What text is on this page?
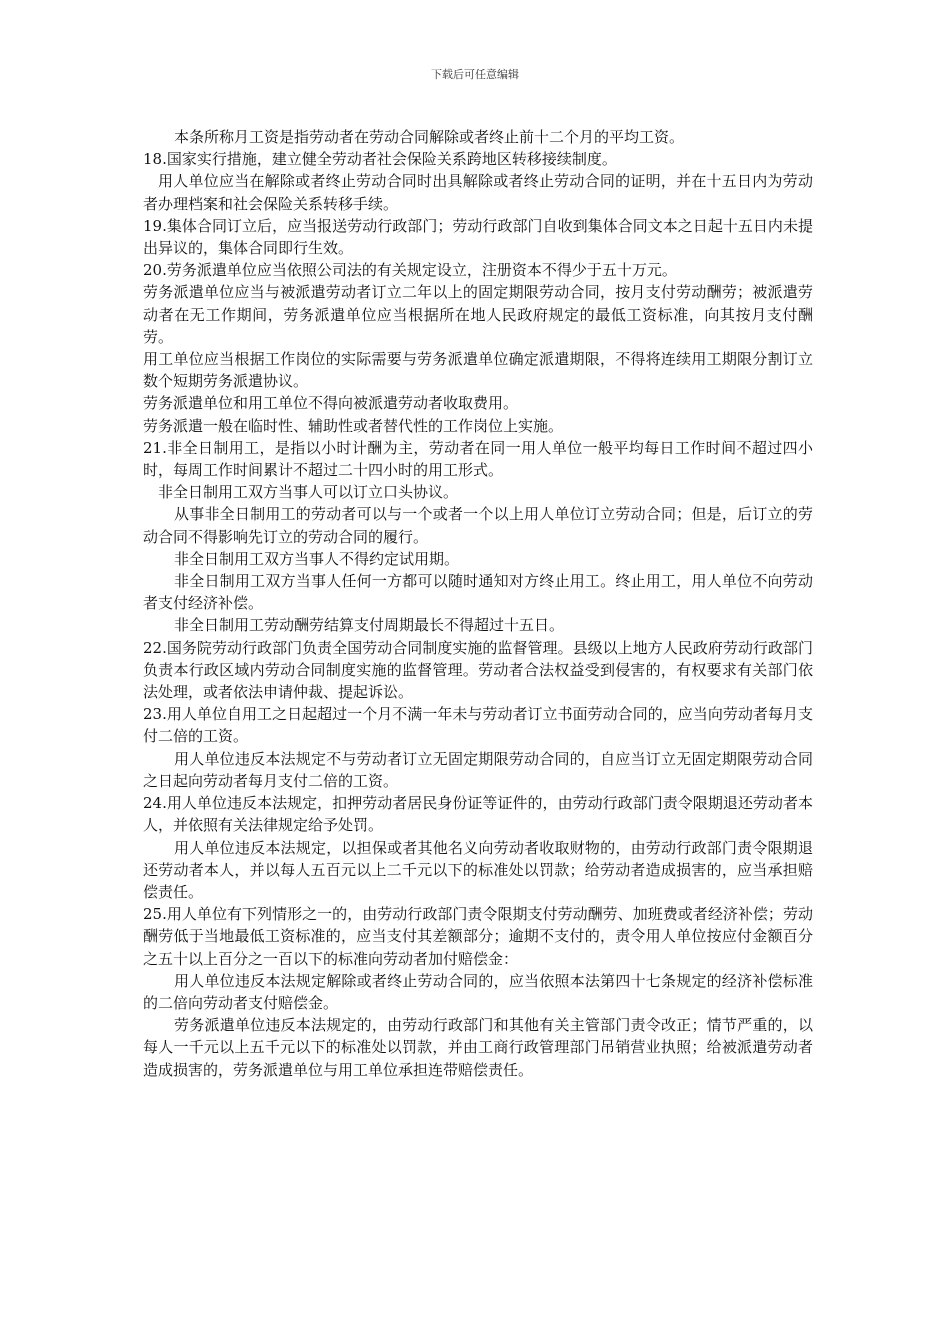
下载后可任意编辑

本条所称月工资是指劳动者在劳动合同解除或者终止前十二个月的平均工资。

18.国家实行措施，建立健全劳动者社会保险关系跨地区转移接续制度。

用人单位应当在解除或者终止劳动合同时出具解除或者终止劳动合同的证明，并在十五日内为劳动者办理档案和社会保险关系转移手续。

19.集体合同订立后，应当报送劳动行政部门；劳动行政部门自收到集体合同文本之日起十五日内未提出异议的，集体合同即行生效。

20.劳务派遣单位应当依照公司法的有关规定设立，注册资本不得少于五十万元。

劳务派遣单位应当与被派遣劳动者订立二年以上的固定期限劳动合同，按月支付劳动酬劳；被派遣劳动者在无工作期间，劳务派遣单位应当根据所在地人民政府规定的最低工资标准，向其按月支付酬劳。

用工单位应当根据工作岗位的实际需要与劳务派遣单位确定派遣期限，不得将连续用工期限分割订立数个短期劳务派遣协议。

劳务派遣单位和用工单位不得向被派遣劳动者收取费用。

劳务派遣一般在临时性、辅助性或者替代性的工作岗位上实施。

21.非全日制用工，是指以小时计酬为主，劳动者在同一用人单位一般平均每日工作时间不超过四小时，每周工作时间累计不超过二十四小时的用工形式。

非全日制用工双方当事人可以订立口头协议。

从事非全日制用工的劳动者可以与一个或者一个以上用人单位订立劳动合同；但是，后订立的劳动合同不得影响先订立的劳动合同的履行。

非全日制用工双方当事人不得约定试用期。

非全日制用工双方当事人任何一方都可以随时通知对方终止用工。终止用工，用人单位不向劳动者支付经济补偿。

非全日制用工劳动酬劳结算支付周期最长不得超过十五日。

22.国务院劳动行政部门负责全国劳动合同制度实施的监督管理。县级以上地方人民政府劳动行政部门负责本行政区域内劳动合同制度实施的监督管理。劳动者合法权益受到侵害的，有权要求有关部门依法处理，或者依法申请仲裁、提起诉讼。

23.用人单位自用工之日起超过一个月不满一年未与劳动者订立书面劳动合同的，应当向劳动者每月支付二倍的工资。

用人单位违反本法规定不与劳动者订立无固定期限劳动合同的，自应当订立无固定期限劳动合同之日起向劳动者每月支付二倍的工资。

24.用人单位违反本法规定，扣押劳动者居民身份证等证件的，由劳动行政部门责令限期退还劳动者本人，并依照有关法律规定给予处罚。

用人单位违反本法规定，以担保或者其他名义向劳动者收取财物的，由劳动行政部门责令限期退还劳动者本人，并以每人五百元以上二千元以下的标准处以罚款；给劳动者造成损害的，应当承担赔偿责任。

25.用人单位有下列情形之一的，由劳动行政部门责令限期支付劳动酬劳、加班费或者经济补偿；劳动酬劳低于当地最低工资标准的，应当支付其差额部分；逾期不支付的，责令用人单位按应付金额百分之五十以上百分之一百以下的标准向劳动者加付赔偿金：

用人单位违反本法规定解除或者终止劳动合同的，应当依照本法第四十七条规定的经济补偿标准的二倍向劳动者支付赔偿金。

劳务派遣单位违反本法规定的，由劳动行政部门和其他有关主管部门责令改正；情节严重的，以每人一千元以上五千元以下的标准处以罚款，并由工商行政管理部门吊销营业执照；给被派遣劳动者造成损害的，劳务派遣单位与用工单位承担连带赔偿责任。
